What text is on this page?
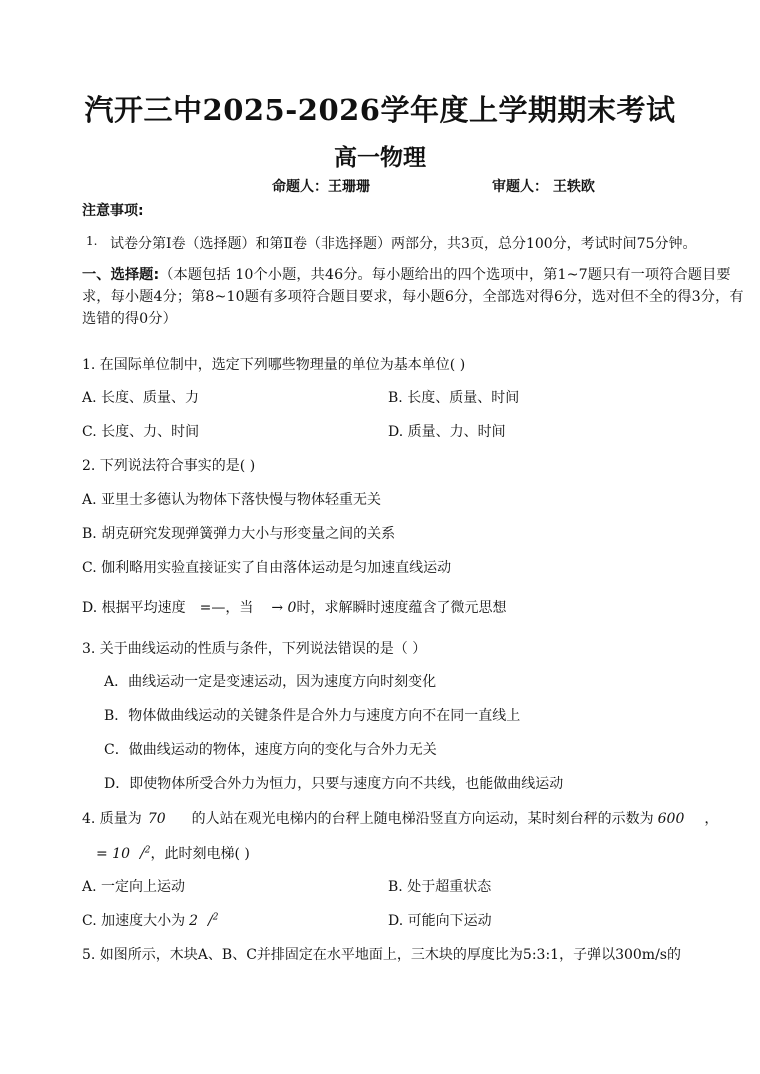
汽开三中2025-2026学年度上学期期末考试
高一物理
命题人：王珊珊	审题人： 王轶欧
注意事项:
1. 试卷分第Ⅰ卷（选择题）和第Ⅱ卷（非选择题）两部分，共3页，总分100分，考试时间75分钟。
一、选择题:（本题包括 10个小题，共46分。每小题给出的四个选项中，第1~7题只有一项符合题目要求，每小题4分；第8~10题有多项符合题目要求，每小题6分，全部选对得6分，选对但不全的得3分，有选错的得0分）
1. 在国际单位制中，选定下列哪些物理量的单位为基本单位( )
A. 长度、质量、力	B. 长度、质量、时间
C. 长度、力、时间	D. 质量、力、时间
2. 下列说法符合事实的是( )
A. 亚里士多德认为物体下落快慢与物体轻重无关
B. 胡克研究发现弹簧弹力大小与形变量之间的关系
C. 伽利略用实验直接证实了自由落体运动是匀加速直线运动
D. 根据平均速度 =—，当 → 0时，求解瞬时速度蕴含了微元思想
3. 关于曲线运动的性质与条件，下列说法错误的是（ ）
A．曲线运动一定是变速运动，因为速度方向时刻变化
B．物体做曲线运动的关键条件是合外力与速度方向不在同一直线上
C．做曲线运动的物体，速度方向的变化与合外力无关
D．即使物体所受合外力为恒力，只要与速度方向不共线，也能做曲线运动
4. 质量为 70 的人站在观光电梯内的台秤上随电梯沿竖直方向运动，某时刻台秤的示数为 600 ，
= 10 /$^2$，此时刻电梯( )
A. 一定向上运动	B. 处于超重状态
C. 加速度大小为 2 /$^2$	D. 可能向下运动
5. 如图所示，木块A、B、C并排固定在水平地面上，三木块的厚度比为5:3:1，子弹以300m/s的
